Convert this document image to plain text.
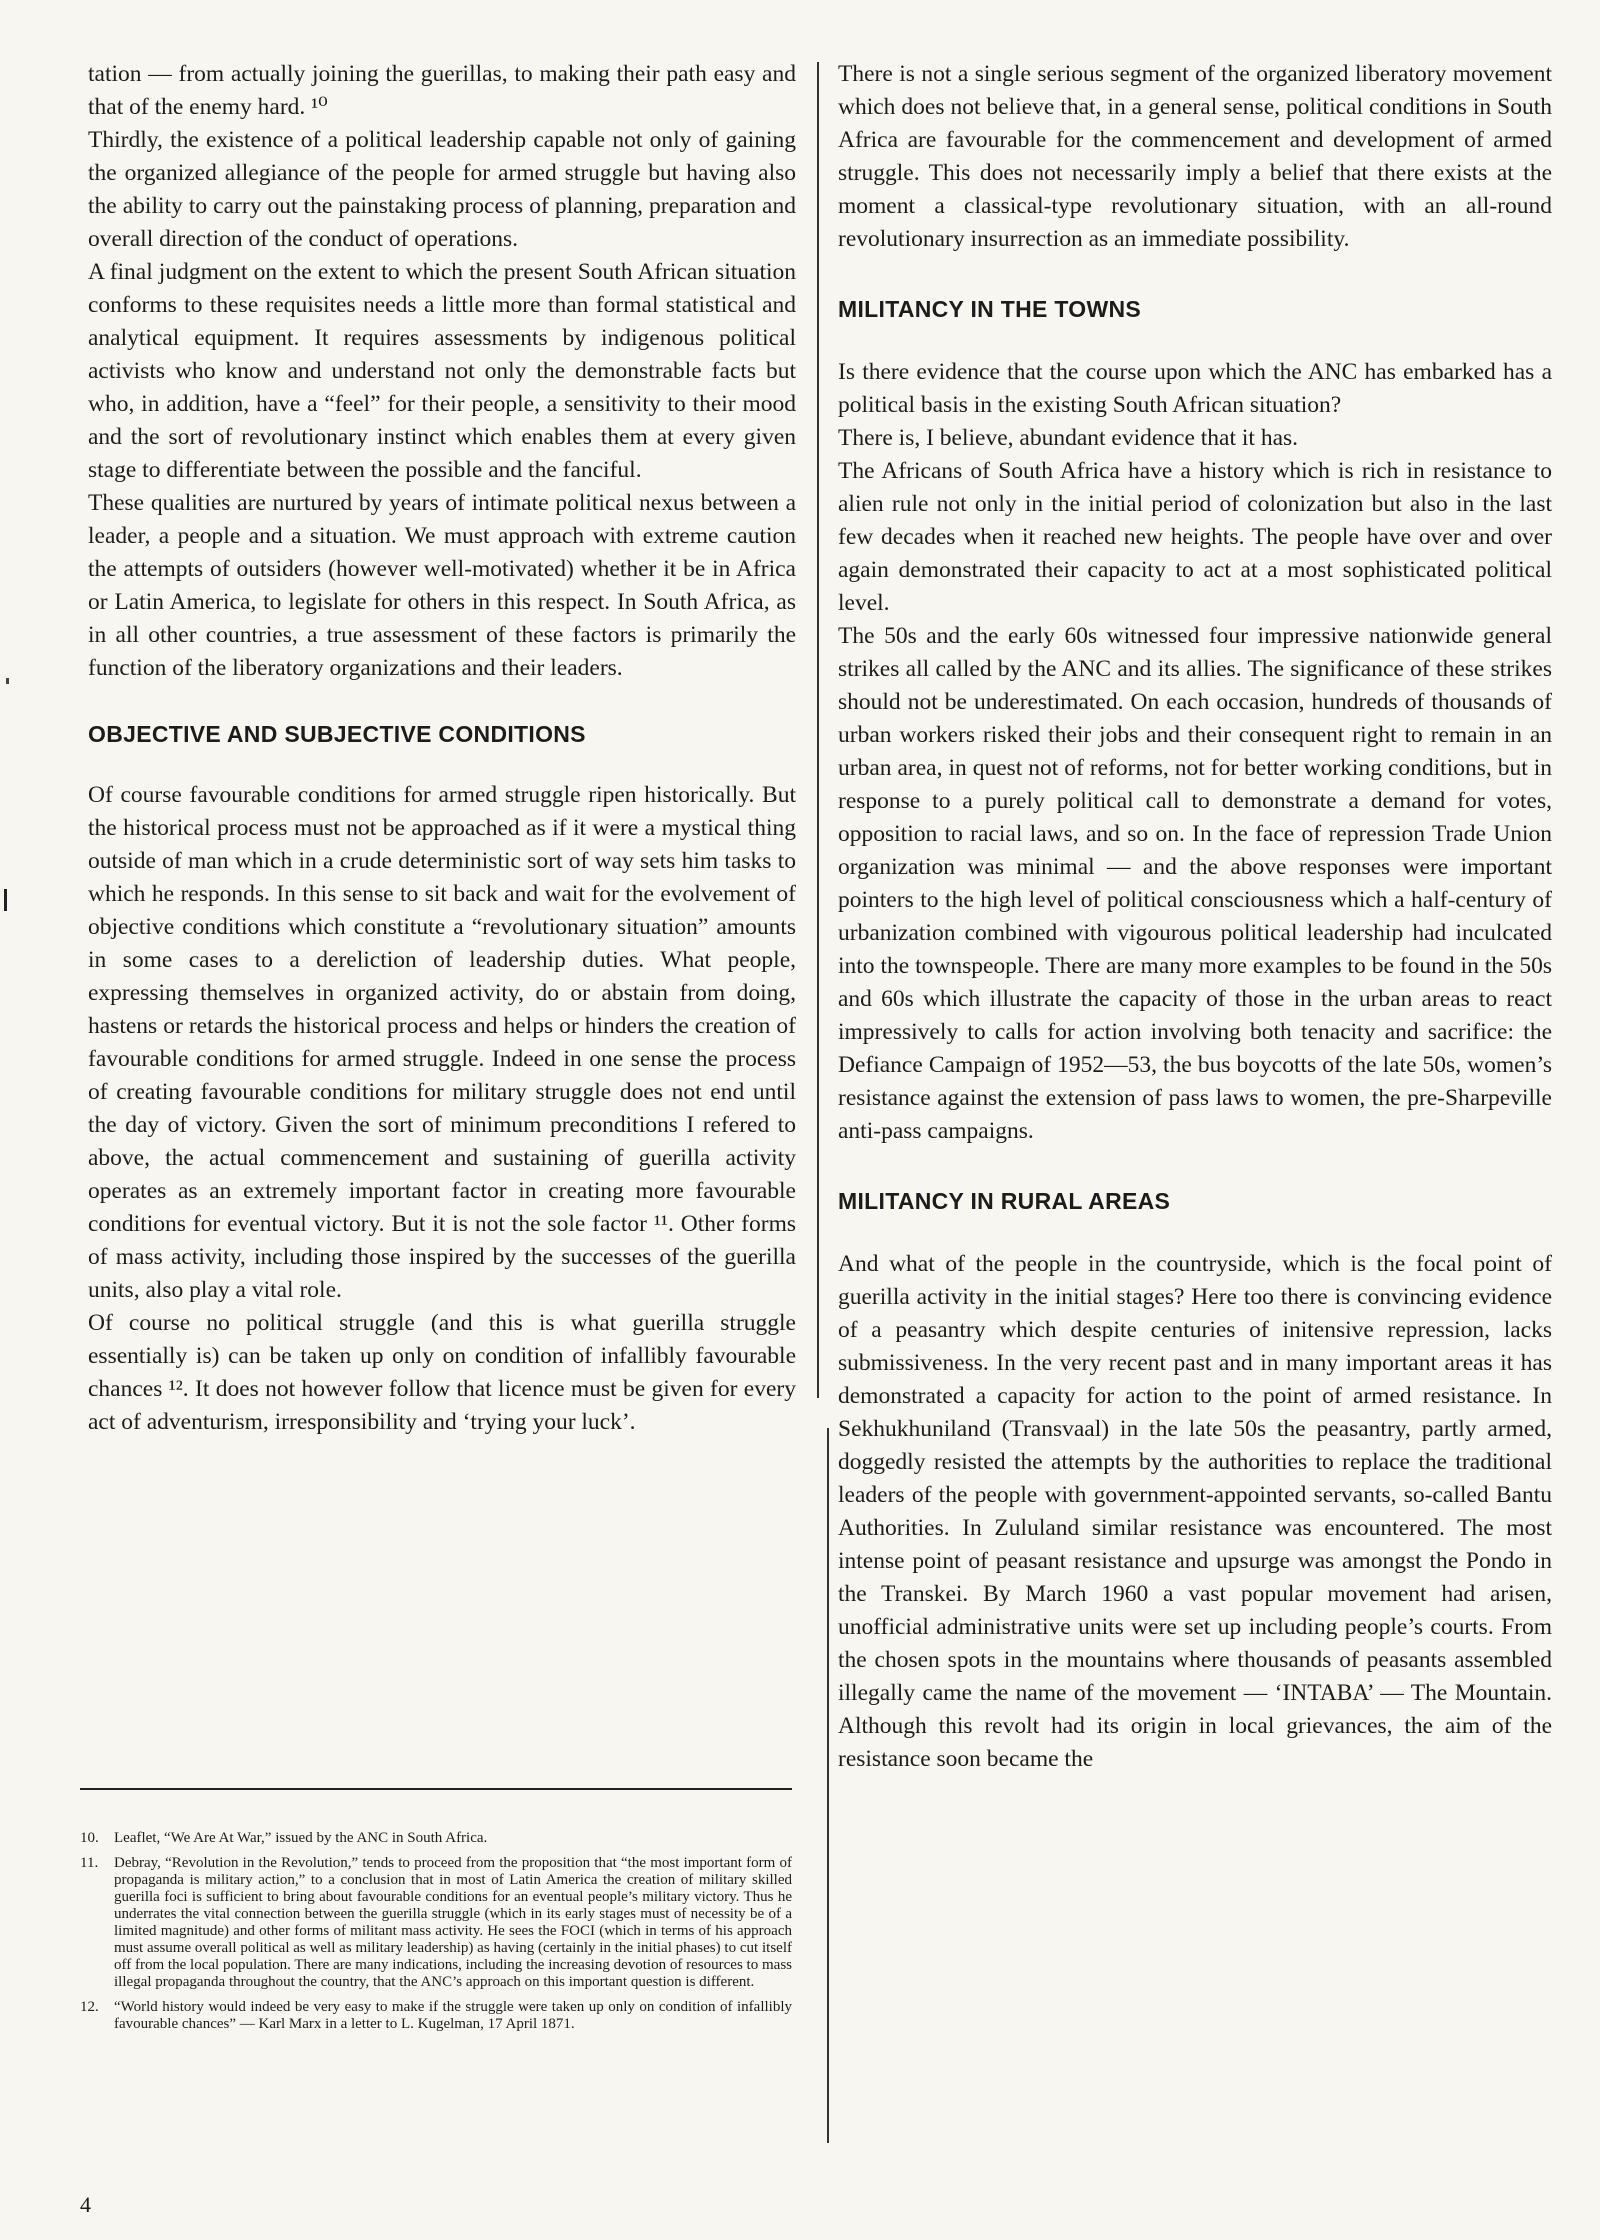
tation — from actually joining the guerillas, to making their path easy and that of the enemy hard. ¹⁰

Thirdly, the existence of a political leadership capable not only of gaining the organized allegiance of the people for armed struggle but having also the ability to carry out the painstaking process of planning, preparation and overall direction of the conduct of operations.

A final judgment on the extent to which the present South African situation conforms to these requisites needs a little more than formal statistical and analytical equipment. It requires assessments by indigenous political activists who know and understand not only the demonstrable facts but who, in addition, have a “feel” for their people, a sensitivity to their mood and the sort of revolutionary instinct which enables them at every given stage to differentiate between the possible and the fanciful.

These qualities are nurtured by years of intimate political nexus between a leader, a people and a situation. We must approach with extreme caution the attempts of outsiders (however well-motivated) whether it be in Africa or Latin America, to legislate for others in this respect. In South Africa, as in all other countries, a true assessment of these factors is primarily the function of the liberatory organizations and their leaders.

OBJECTIVE AND SUBJECTIVE CONDITIONS

Of course favourable conditions for armed struggle ripen historically. But the historical process must not be approached as if it were a mystical thing outside of man which in a crude deterministic sort of way sets him tasks to which he responds. In this sense to sit back and wait for the evolvement of objective conditions which constitute a “revolutionary situation” amounts in some cases to a dereliction of leadership duties. What people, expressing themselves in organized activity, do or abstain from doing, hastens or retards the historical process and helps or hinders the creation of favourable conditions for armed struggle. Indeed in one sense the process of creating favourable conditions for military struggle does not end until the day of victory. Given the sort of minimum preconditions I refered to above, the actual commencement and sustaining of guerilla activity operates as an extremely important factor in creating more favourable conditions for eventual victory. But it is not the sole factor ¹¹. Other forms of mass activity, including those inspired by the successes of the guerilla units, also play a vital role.

Of course no political struggle (and this is what guerilla struggle essentially is) can be taken up only on condition of infallibly favourable chances ¹². It does not however follow that licence must be given for every act of adventurism, irresponsibility and ‘trying your luck’.

There is not a single serious segment of the organized liberatory movement which does not believe that, in a general sense, political conditions in South Africa are favourable for the commencement and development of armed struggle. This does not necessarily imply a belief that there exists at the moment a classical-type revolutionary situation, with an all-round revolutionary insurrection as an immediate possibility.

MILITANCY IN THE TOWNS

Is there evidence that the course upon which the ANC has embarked has a political basis in the existing South African situation?

There is, I believe, abundant evidence that it has.

The Africans of South Africa have a history which is rich in resistance to alien rule not only in the initial period of colonization but also in the last few decades when it reached new heights. The people have over and over again demonstrated their capacity to act at a most sophisticated political level.

The 50s and the early 60s witnessed four impressive nationwide general strikes all called by the ANC and its allies. The significance of these strikes should not be underestimated. On each occasion, hundreds of thousands of urban workers risked their jobs and their consequent right to remain in an urban area, in quest not of reforms, not for better working conditions, but in response to a purely political call to demonstrate a demand for votes, opposition to racial laws, and so on. In the face of repression Trade Union organization was minimal — and the above responses were important pointers to the high level of political consciousness which a half-century of urbanization combined with vigourous political leadership had inculcated into the townspeople. There are many more examples to be found in the 50s and 60s which illustrate the capacity of those in the urban areas to react impressively to calls for action involving both tenacity and sacrifice: the Defiance Campaign of 1952—53, the bus boycotts of the late 50s, women’s resistance against the extension of pass laws to women, the pre-Sharpeville anti-pass campaigns.

MILITANCY IN RURAL AREAS

And what of the people in the countryside, which is the focal point of guerilla activity in the initial stages? Here too there is convincing evidence of a peasantry which despite centuries of initensive repression, lacks submissiveness. In the very recent past and in many important areas it has demonstrated a capacity for action to the point of armed resistance. In Sekhukhuniland (Transvaal) in the late 50s the peasantry, partly armed, doggedly resisted the attempts by the authorities to replace the traditional leaders of the people with government-appointed servants, so-called Bantu Authorities. In Zululand similar resistance was encountered. The most intense point of peasant resistance and upsurge was amongst the Pondo in the Transkei. By March 1960 a vast popular movement had arisen, unofficial administrative units were set up including people’s courts. From the chosen spots in the mountains where thousands of peasants assembled illegally came the name of the movement — ‘INTABA’ — The Mountain. Although this revolt had its origin in local grievances, the aim of the resistance soon became the

10.	Leaflet, “We Are At War,” issued by the ANC in South Africa.
11.	Debray, “Revolution in the Revolution,” tends to proceed from the proposition that “the most important form of propaganda is military action,” to a conclusion that in most of Latin America the creation of military skilled guerilla foci is sufficient to bring about favourable conditions for an eventual people’s military victory. Thus he underrates the vital connection between the guerilla struggle (which in its early stages must of necessity be of a limited magnitude) and other forms of militant mass activity. He sees the FOCI (which in terms of his approach must assume overall political as well as military leadership) as having (certainly in the initial phases) to cut itself off from the local population. There are many indications, including the increasing devotion of resources to mass illegal propaganda throughout the country, that the ANC’s approach on this important question is different.
12.	“World history would indeed be very easy to make if the struggle were taken up only on condition of infallibly favourable chances” — Karl Marx in a letter to L. Kugelman, 17 April 1871.
4
